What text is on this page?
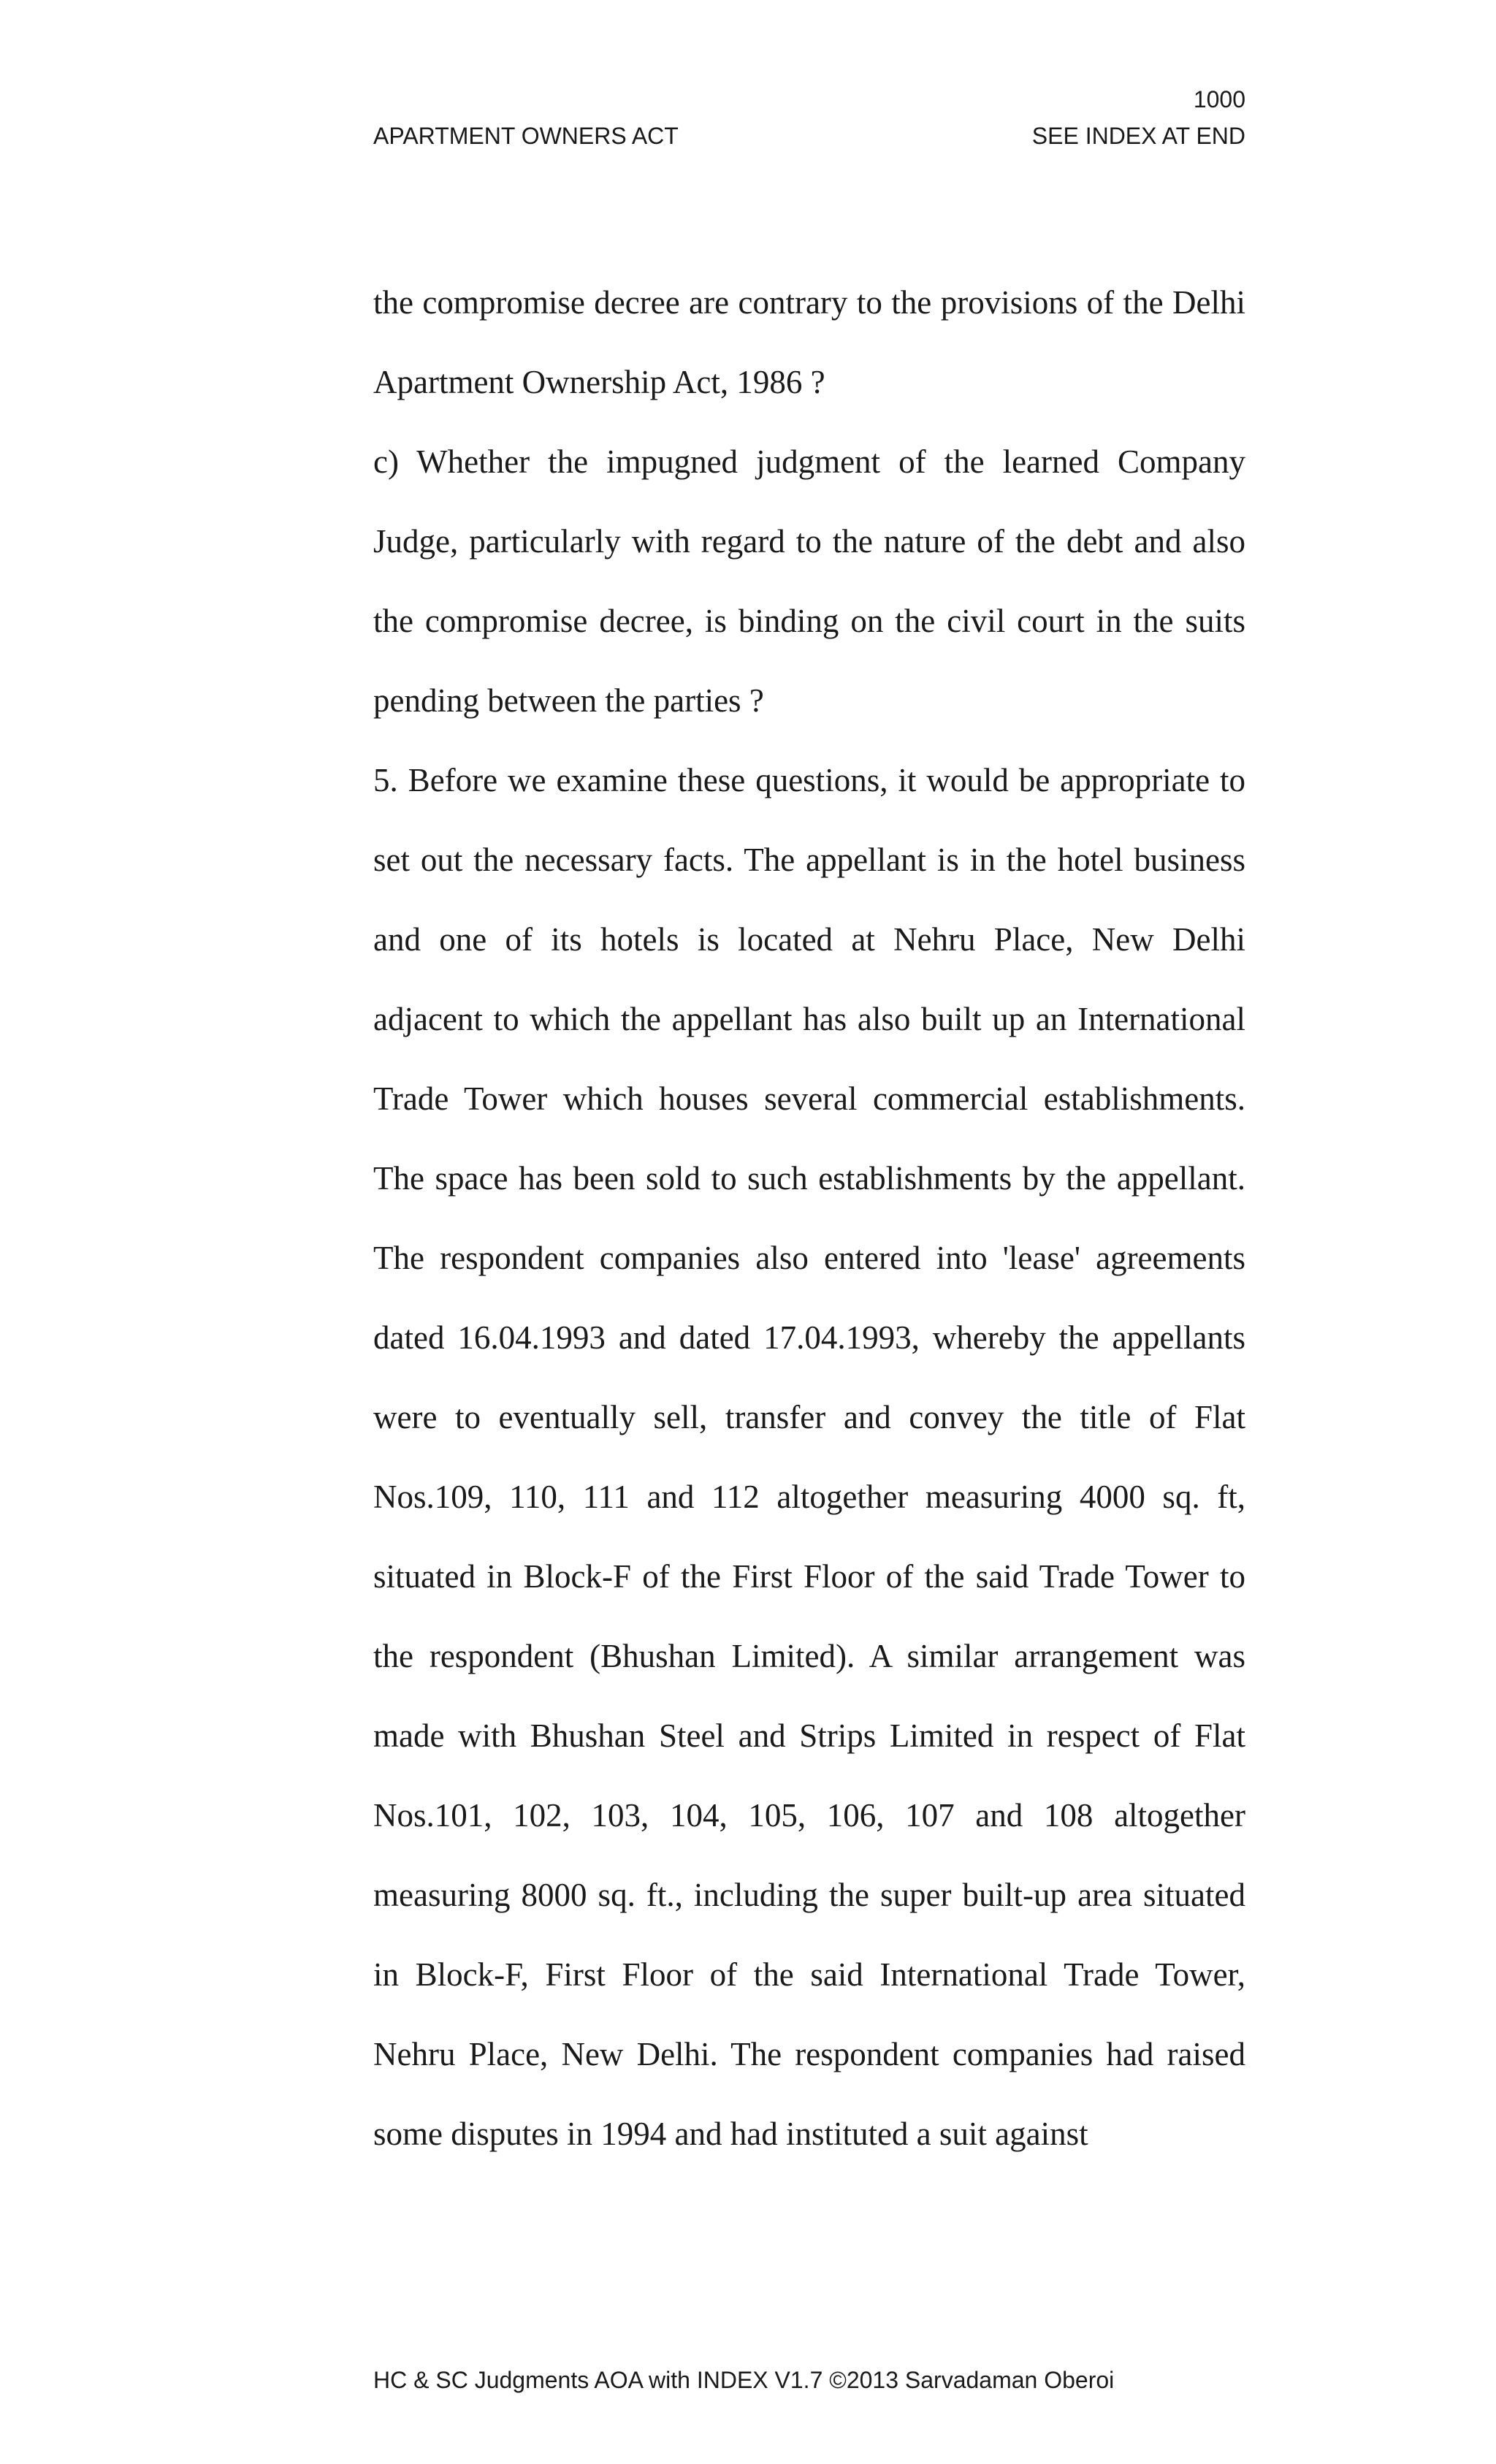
1000
APARTMENT OWNERS ACT	SEE INDEX AT END

the compromise decree are contrary to the provisions of the Delhi Apartment Ownership Act, 1986 ?

c) Whether the impugned judgment of the learned Company Judge, particularly with regard to the nature of the debt and also the compromise decree, is binding on the civil court in the suits pending between the parties ?

5. Before we examine these questions, it would be appropriate to set out the necessary facts. The appellant is in the hotel business and one of its hotels is located at Nehru Place, New Delhi adjacent to which the appellant has also built up an International Trade Tower which houses several commercial establishments. The space has been sold to such establishments by the appellant. The respondent companies also entered into 'lease' agreements dated 16.04.1993 and dated 17.04.1993, whereby the appellants were to eventually sell, transfer and convey the title of Flat Nos.109, 110, 111 and 112 altogether measuring 4000 sq. ft, situated in Block-F of the First Floor of the said Trade Tower to the respondent (Bhushan Limited). A similar arrangement was made with Bhushan Steel and Strips Limited in respect of Flat Nos.101, 102, 103, 104, 105, 106, 107 and 108 altogether measuring 8000 sq. ft., including the super built-up area situated in Block-F, First Floor of the said International Trade Tower, Nehru Place, New Delhi. The respondent companies had raised some disputes in 1994 and had instituted a suit against

HC & SC Judgments AOA with INDEX V1.7 ©2013 Sarvadaman Oberoi
